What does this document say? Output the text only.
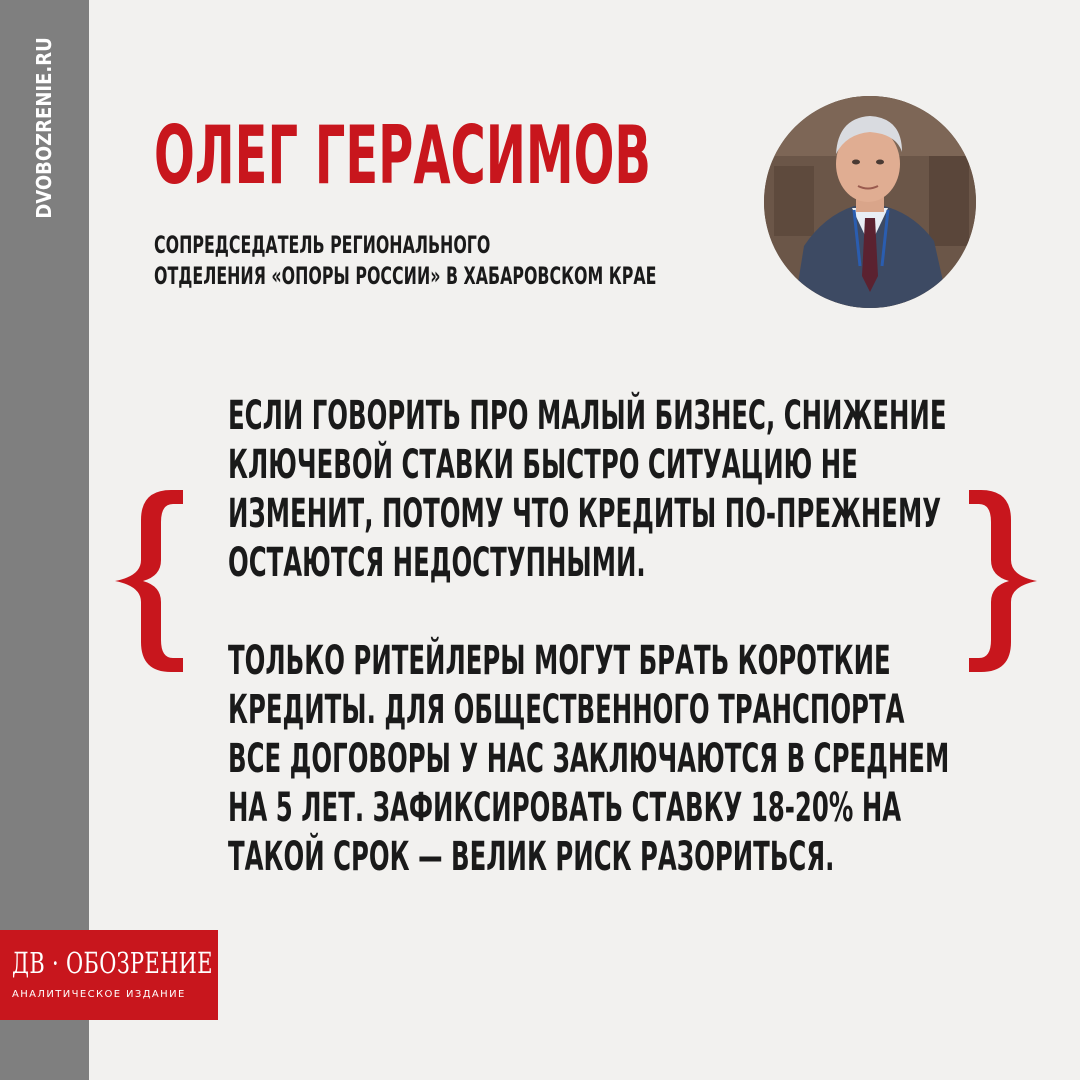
DVOBOZRENIE.RU ОЛЕГ ГЕРАСИМОВ
СОПРЕДСЕДАТЕЛЬ РЕГИОНАЛЬНОГО
ОТДЕЛЕНИЯ «ОПОРЫ РОССИИ» В ХАБАРОВСКОМ КРАЕ
ЕСЛИ ГОВОРИТЬ ПРО МАЛЫЙ БИЗНЕС, СНИЖЕНИЕ
КЛЮЧЕВОЙ СТАВКИ БЫСТРО СИТУАЦИЮ НЕ
ИЗМЕНИТ, ПОТОМУ ЧТО КРЕДИТЫ ПО-ПРЕЖНЕМУ
ОСТАЮТСЯ НЕДОСТУПНЫМИ.
ТОЛЬКО РИТЕЙЛЕРЫ МОГУТ БРАТЬ КОРОТКИЕ
КРЕДИТЫ. ДЛЯ ОБЩЕСТВЕННОГО ТРАНСПОРТА
ВСЕ ДОГОВОРЫ У НАС ЗАКЛЮЧАЮТСЯ В СРЕДНЕМ
НА 5 ЛЕТ. ЗАФИКСИРОВАТЬ СТАВКУ 18-20% НА
ТАКОЙ СРОК — ВЕЛИК РИСК РАЗОРИТЬСЯ.
ДВ · ОБОЗРЕНИЕ
АНАЛИТИЧЕСКОЕ ИЗДАНИЕ
